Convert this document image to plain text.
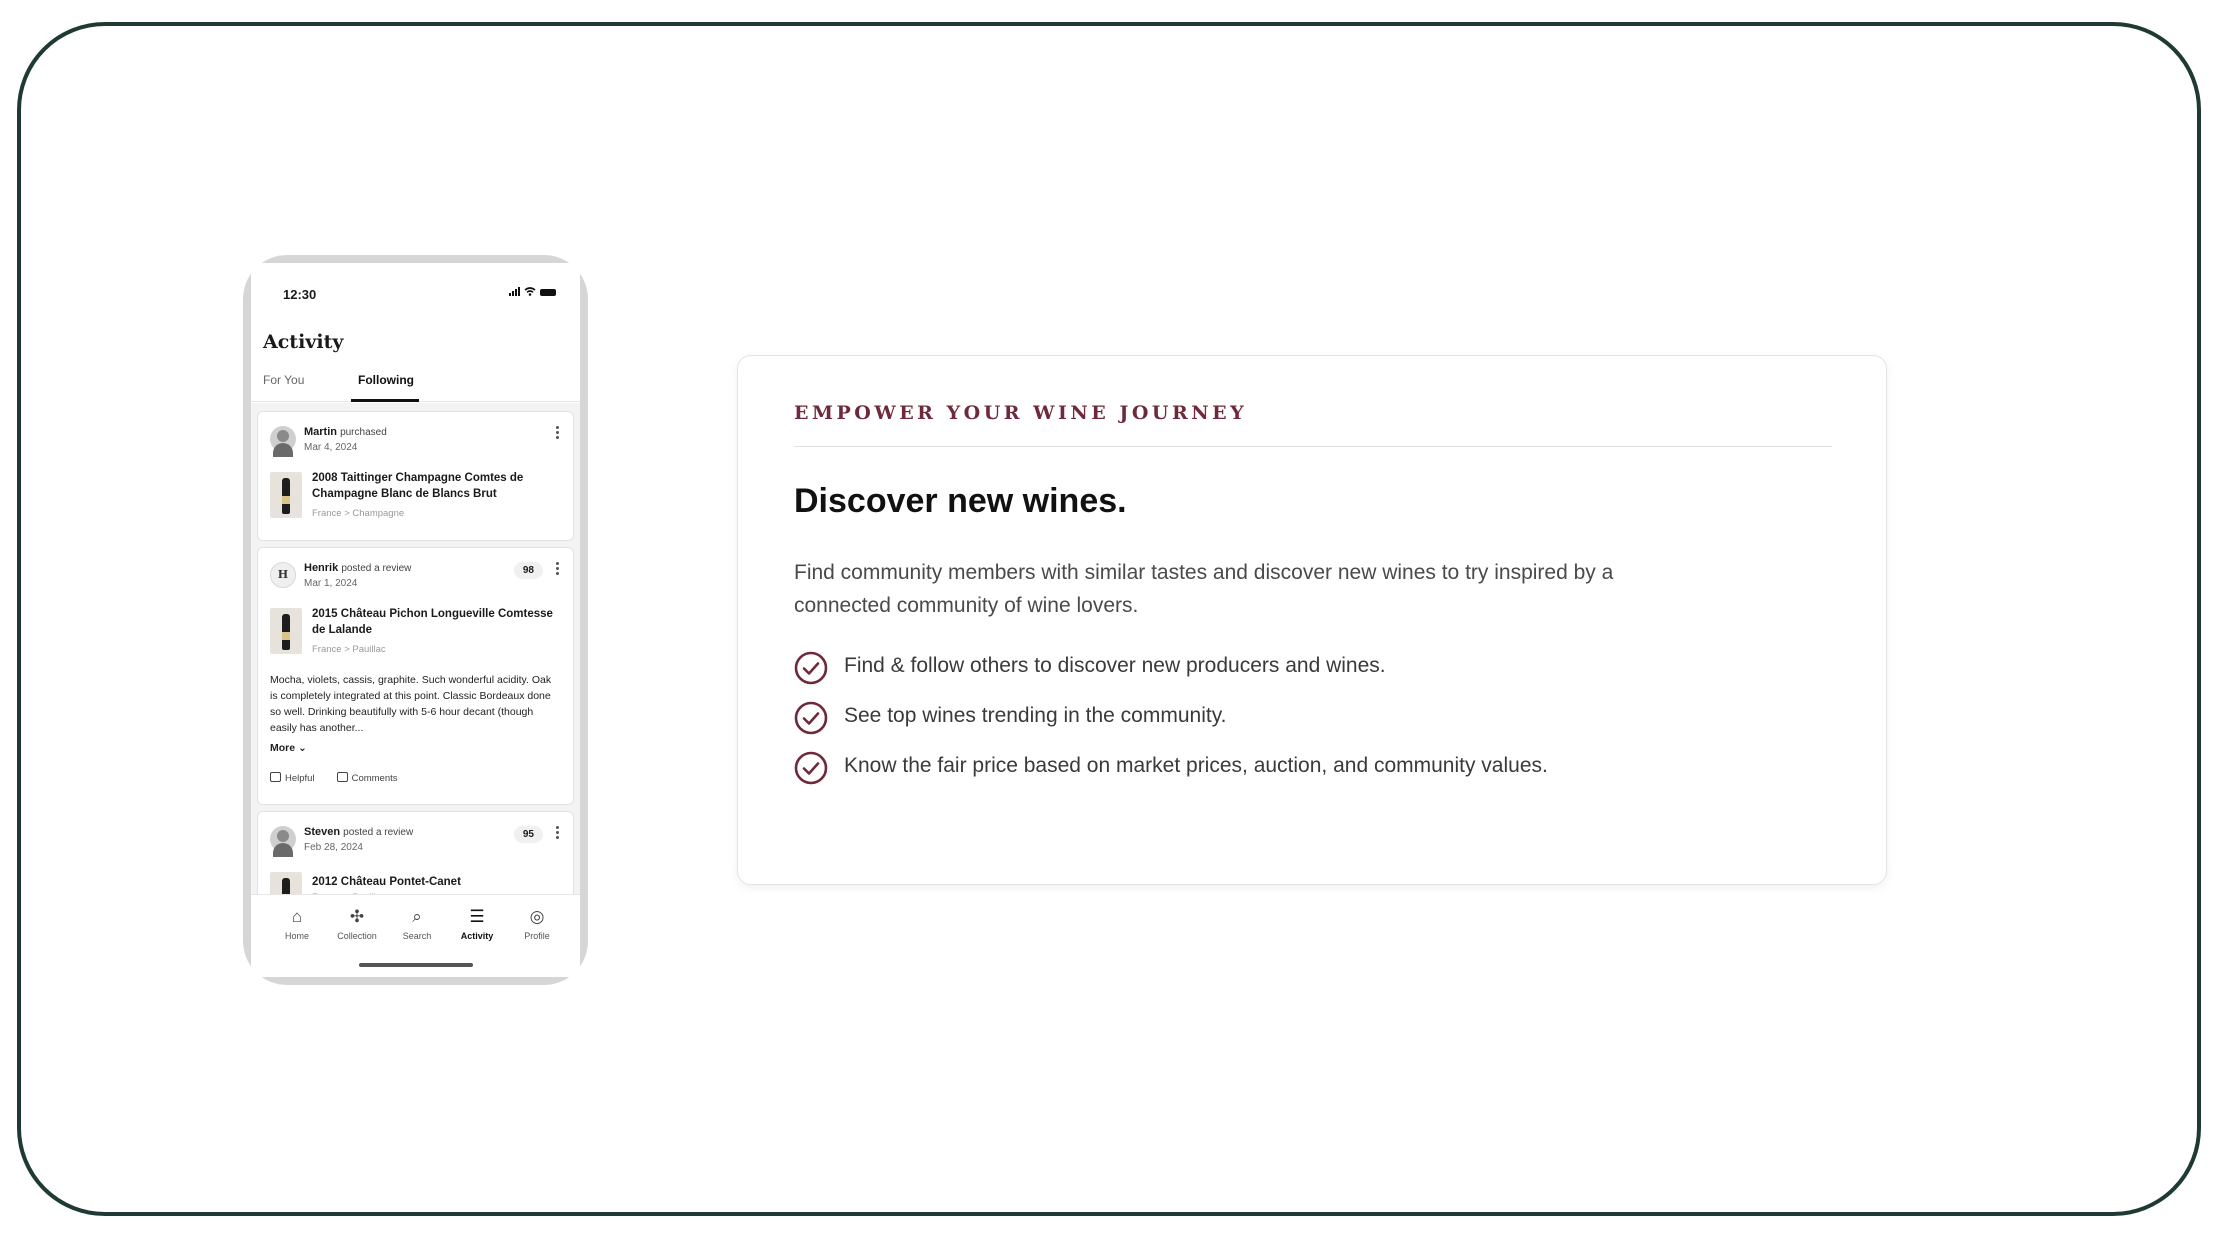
12:30
Activity
For You	Following
Martin purchased
Mar 4, 2024
2008 Taittinger Champagne Comtes de Champagne Blanc de Blancs Brut
France > Champagne
H	Henrik posted a review
Mar 1, 2024
98
2015 Château Pichon Longueville Comtesse de Lalande
France > Pauillac
Mocha, violets, cassis, graphite. Such wonderful acidity. Oak is completely integrated at this point. Classic Bordeaux done so well. Drinking beautifully with 5-6 hour decant (though easily has another...
More ⌄
Helpful	Comments
Steven posted a review
Feb 28, 2024
95
2012 Château Pontet-Canet
⌂
Home
✣
Collection
⌕
Search
☰
Activity
◎
Profile
EMPOWER YOUR WINE JOURNEY
Discover new wines.
Find community members with similar tastes and discover new wines to try inspired by a connected community of wine lovers.
Find & follow others to discover new producers and wines.
See top wines trending in the community.
Know the fair price based on market prices, auction, and community values.
